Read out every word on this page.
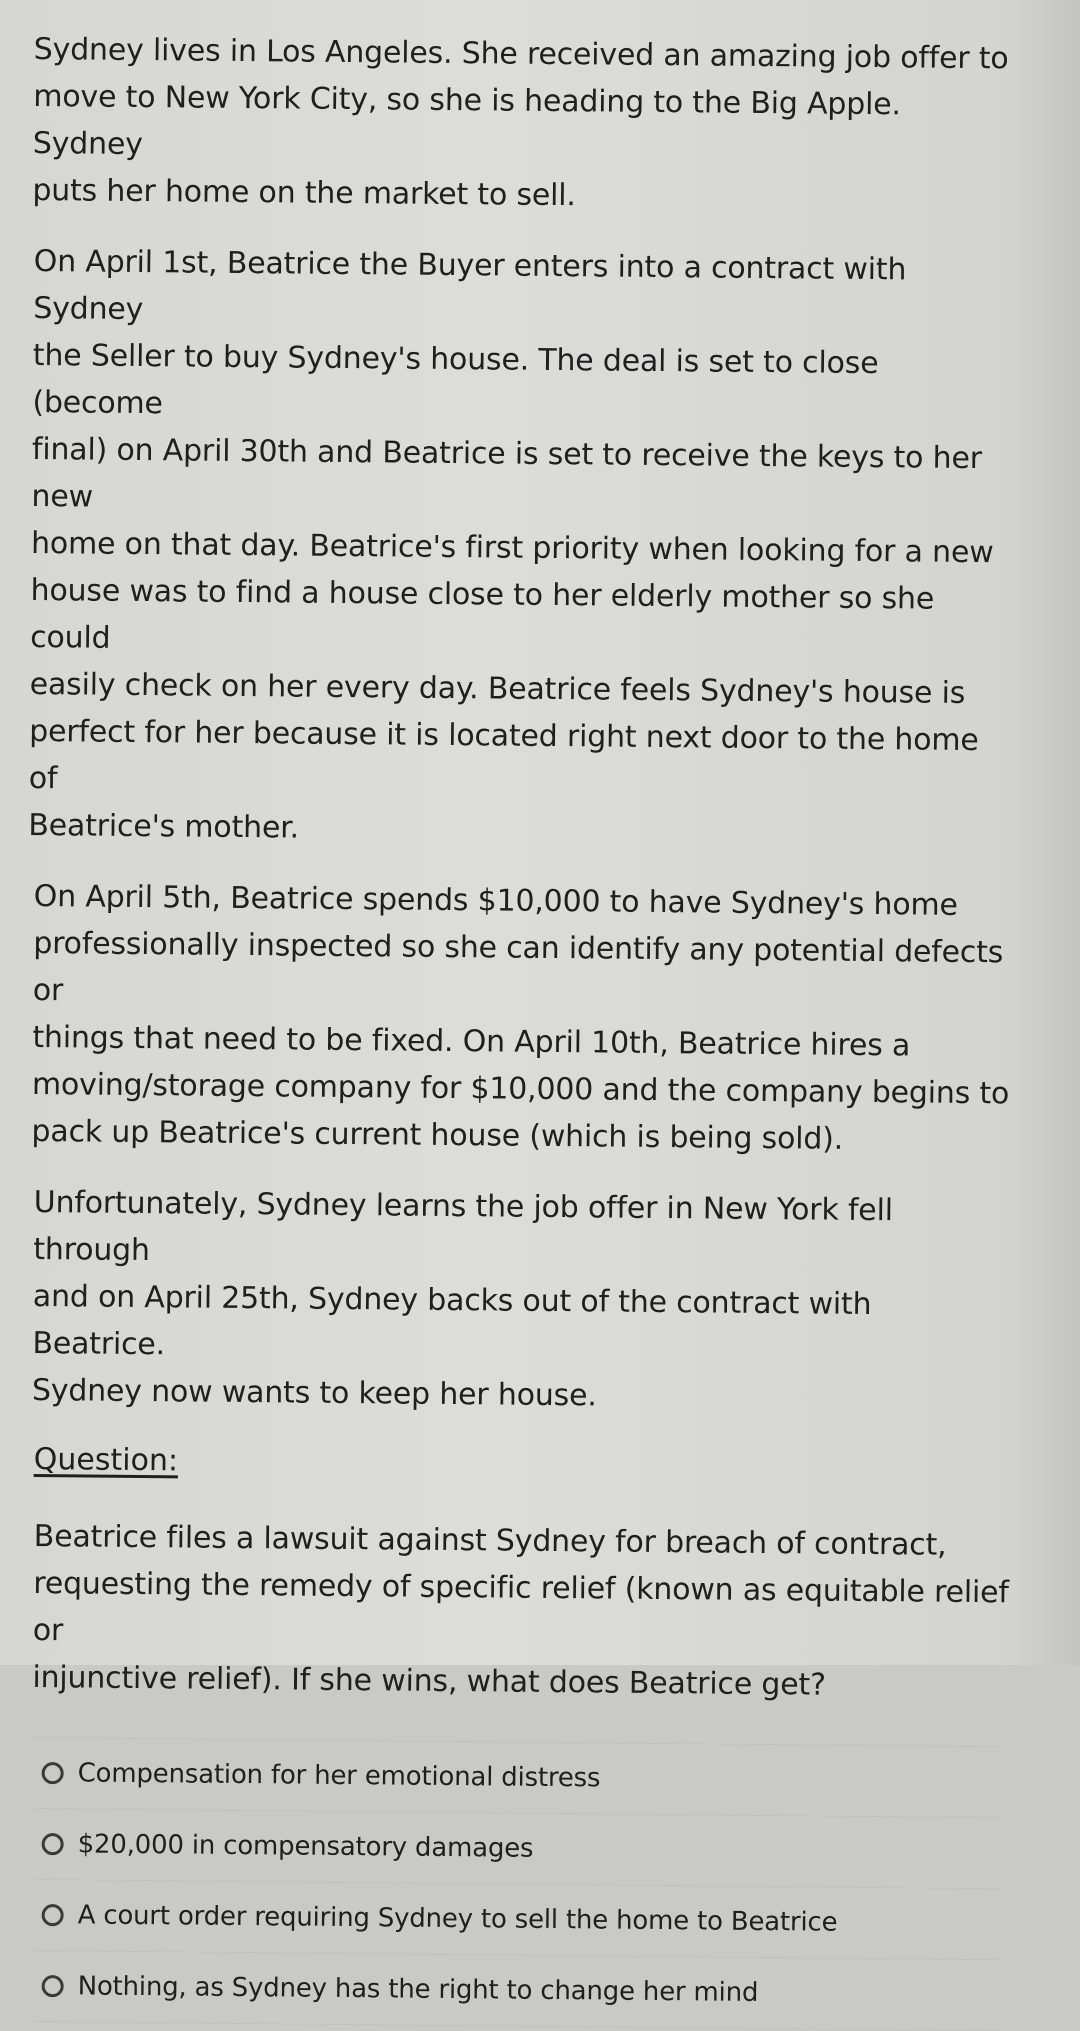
Sydney lives in Los Angeles. She received an amazing job offer to
move to New York City, so she is heading to the Big Apple. Sydney
puts her home on the market to sell.

On April 1st, Beatrice the Buyer enters into a contract with Sydney
the Seller to buy Sydney's house. The deal is set to close (become
final) on April 30th and Beatrice is set to receive the keys to her new
home on that day. Beatrice's first priority when looking for a new
house was to find a house close to her elderly mother so she could
easily check on her every day. Beatrice feels Sydney's house is
perfect for her because it is located right next door to the home of
Beatrice's mother.

On April 5th, Beatrice spends $10,000 to have Sydney's home
professionally inspected so she can identify any potential defects or
things that need to be fixed. On April 10th, Beatrice hires a
moving/storage company for $10,000 and the company begins to
pack up Beatrice's current house (which is being sold).

Unfortunately, Sydney learns the job offer in New York fell through
and on April 25th, Sydney backs out of the contract with Beatrice.
Sydney now wants to keep her house.

Question:

Beatrice files a lawsuit against Sydney for breach of contract,
requesting the remedy of specific relief (known as equitable relief or
injunctive relief). If she wins, what does Beatrice get?

Compensation for her emotional distress
$20,000 in compensatory damages
A court order requiring Sydney to sell the home to Beatrice
Nothing, as Sydney has the right to change her mind
